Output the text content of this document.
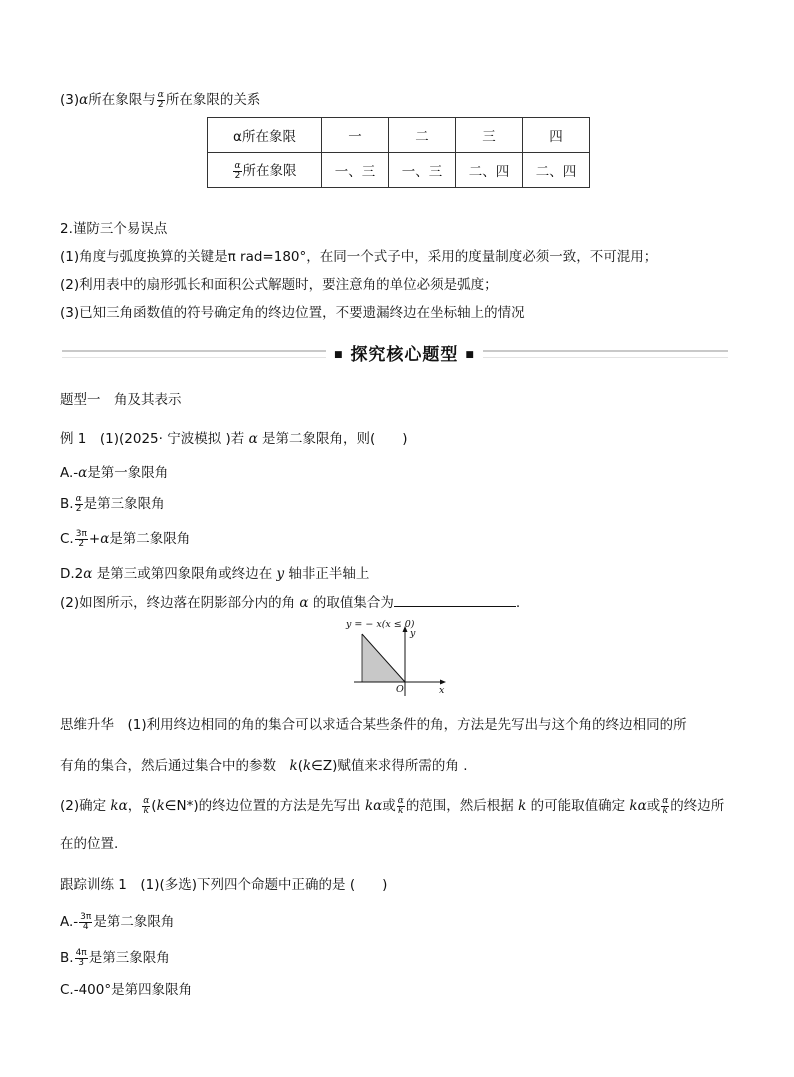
(3)α所在象限与 $\frac{\alpha}{2}$ 所在象限的关系
α所在象限	一	二	三	四

$\frac{\alpha}{2}$ 所在象限	一、三	一、三	二、四	二、四
2.谨防三个易误点
(1)角度与弧度换算的关键是π rad=180°，在同一个式子中，采用的度量制度必须一致，不可混用；
(2)利用表中的扇形弧长和面积公式解题时，要注意角的单位必须是弧度；
(3)已知三角函数值的符号确定角的终边位置，不要遗漏终边在坐标轴上的情况
■ 探究核心题型 ■
题型一　角及其表示
例 1　(1)(2025· 宁波模拟 )若 α 是第二象限角，则(　　)
A.-α是第一象限角
B. $\frac{\alpha}{2}$ 是第三象限角
C. $\frac{3\pi}{2} +\alpha$是第二象限角
D.2α 是第三或第四象限角或终边在 y 轴非正半轴上
(2)如图所示，终边落在阴影部分内的角 α 的取值集合为	.
y = − x(x ≤ 0)
y
x
O
思维升华　(1)利用终边相同的角的集合可以求适合某些条件的角，方法是先写出与这个角的终边相同的所
有角的集合，然后通过集合中的参数　k(k∈Z)赋值来求得所需的角 .
(2)确定 kα， $\frac{\alpha}{k}$ (k∈N*)的终边位置的方法是先写出 kα或 $\frac{\alpha}{k}$ 的范围，然后根据 k 的可能取值确定 kα或 $\frac{\alpha}{k}$ 的终边所
在的位置.
跟踪训练 1　(1)(多选)下列四个命题中正确的是 (　　)
$A.- \frac{3\pi}{4}$ 是第二象限角
B. $\frac{4\pi}{3}$ 是第三象限角
C.-400°是第四象限角
